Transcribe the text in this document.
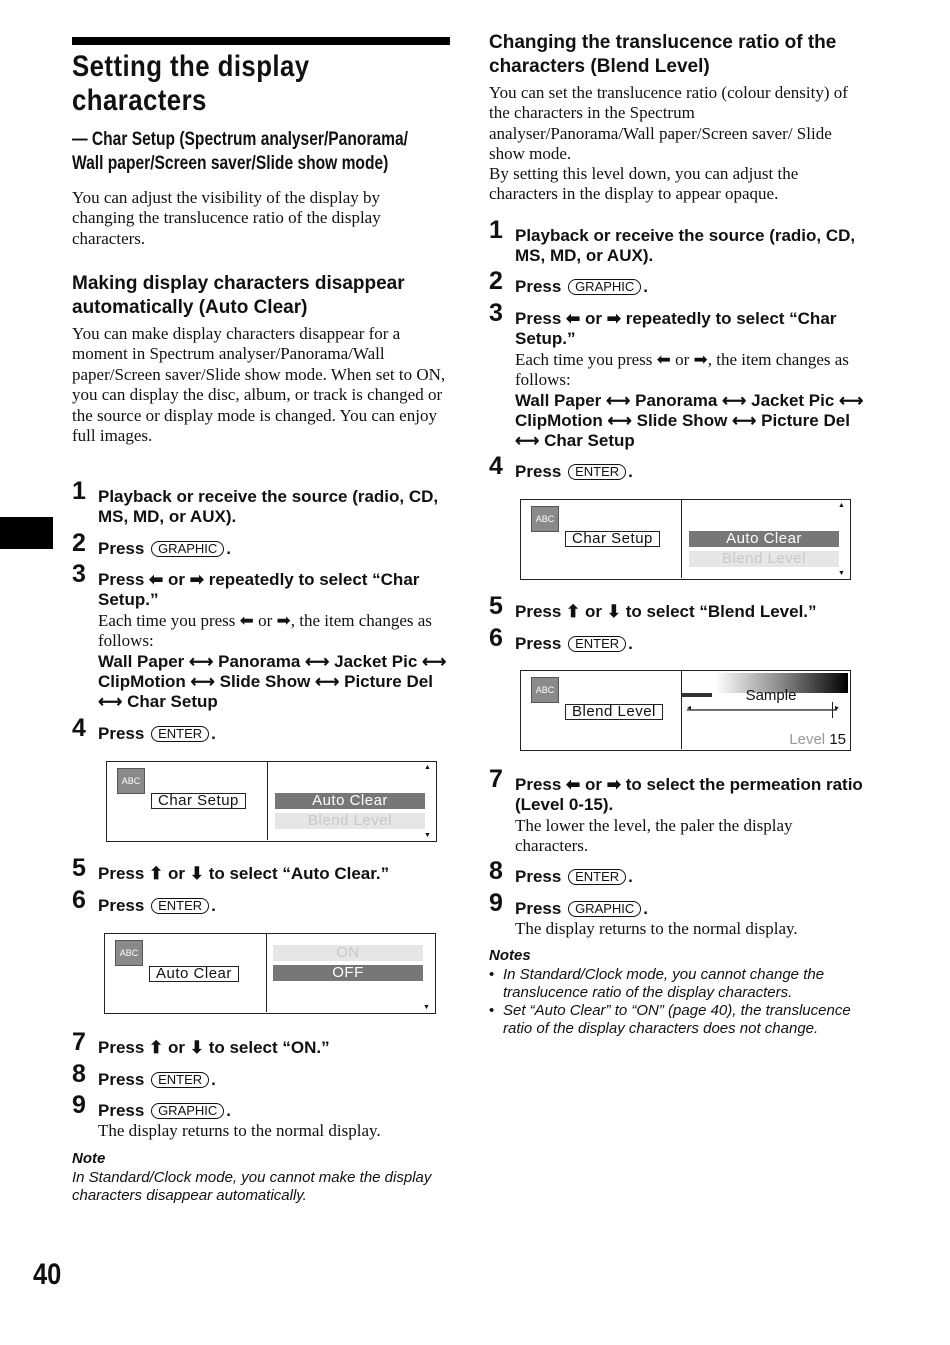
Setting the display characters
— Char Setup (Spectrum analyser/Panorama/ Wall paper/Screen saver/Slide show mode)

You can adjust the visibility of the display by changing the translucence ratio of the display characters.

Making display characters disappear automatically (Auto Clear)

You can make display characters disappear for a moment in Spectrum analyser/Panorama/Wall paper/Screen saver/Slide show mode. When set to ON, you can display the disc, album, or track is changed or the source or display mode is changed. You can enjoy full images.

1 Playback or receive the source (radio, CD, MS, MD, or AUX).
2 Press GRAPHIC .
3 Press ⬅ or ➡ repeatedly to select “Char Setup.”
Each time you press ⬅ or ➡, the item changes as follows:
Wall Paper ⟷ Panorama ⟷ Jacket Pic ⟷ ClipMotion ⟷ Slide Show ⟷ Picture Del ⟷ Char Setup
4 Press ENTER .
ABC
Char Setup	Auto Clear
Blend Level
▲
▼
5 Press ⬆ or ⬇ to select “Auto Clear.”
6 Press ENTER .
ABC
Auto Clear
ON
OFF
▼
7 Press ⬆ or ⬇ to select “ON.”
8 Press ENTER .
9 Press GRAPHIC .
The display returns to the normal display.
Note
In Standard/Clock mode, you cannot make the display characters disappear automatically.
Changing the translucence ratio of the characters (Blend Level)

You can set the translucence ratio (colour density) of the characters in the Spectrum analyser/Panorama/Wall paper/Screen saver/ Slide show mode.

By setting this level down, you can adjust the characters in the display to appear opaque.

1 Playback or receive the source (radio, CD, MS, MD, or AUX).
2 Press GRAPHIC .
3 Press ⬅ or ➡ repeatedly to select “Char Setup.”
Each time you press ⬅ or ➡, the item changes as follows:
Wall Paper ⟷ Panorama ⟷ Jacket Pic ⟷ ClipMotion ⟷ Slide Show ⟷ Picture Del ⟷ Char Setup
4 Press ENTER .
ABC
Char Setup	Auto Clear
Blend Level
▲
▼
5 Press ⬆ or ⬇ to select “Blend Level.”
6 Press ENTER .
ABC
Blend Level
Sample
◂	▸
Level 15
7 Press ⬅ or ➡ to select the permeation ratio (Level 0-15).
The lower the level, the paler the display characters.
8 Press ENTER .
9 Press GRAPHIC .
The display returns to the normal display.
Notes
• In Standard/Clock mode, you cannot change the translucence ratio of the display characters.
• Set “Auto Clear” to “ON” (page 40), the translucence ratio of the display characters does not change.
40
